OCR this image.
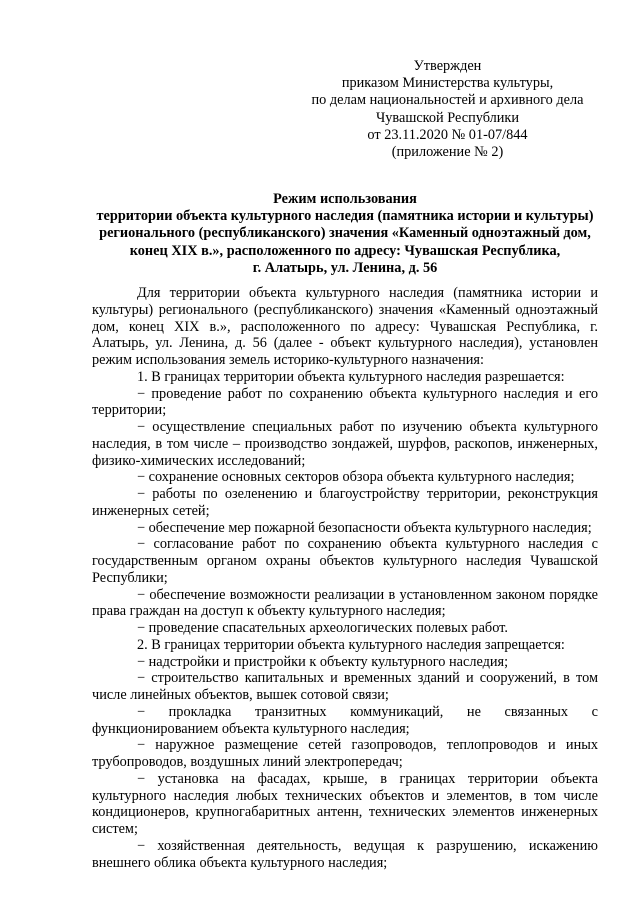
Утвержден
приказом Министерства культуры,
по делам национальностей и архивного дела
Чувашской Республики
от 23.11.2020 № 01-07/844
(приложение № 2)
Режим использования
территории объекта культурного наследия (памятника истории и культуры)
регионального (республиканского) значения «Каменный одноэтажный дом,
конец XIX в.», расположенного по адресу: Чувашская Республика,
г. Алатырь, ул. Ленина, д. 56

Для территории объекта культурного наследия (памятника истории и культуры) регионального (республиканского) значения «Каменный одноэтажный дом, конец XIX в.», расположенного по адресу: Чувашская Республика, г. Алатырь, ул. Ленина, д. 56 (далее - объект культурного наследия), установлен режим использования земель историко-культурного назначения:

1. В границах территории объекта культурного наследия разрешается:

− проведение работ по сохранению объекта культурного наследия и его территории;

− осуществление специальных работ по изучению объекта культурного наследия, в том числе – производство зондажей, шурфов, раскопов, инженерных, физико-химических исследований;

− сохранение основных секторов обзора объекта культурного наследия;

− работы по озеленению и благоустройству территории, реконструкция инженерных сетей;

− обеспечение мер пожарной безопасности объекта культурного наследия;

− согласование работ по сохранению объекта культурного наследия с государственным органом охраны объектов культурного наследия Чувашской Республики;

− обеспечение возможности реализации в установленном законом порядке права граждан на доступ к объекту культурного наследия;

− проведение спасательных археологических полевых работ.

2. В границах территории объекта культурного наследия запрещается:

− надстройки и пристройки к объекту культурного наследия;

− строительство капитальных и временных зданий и сооружений, в том числе линейных объектов, вышек сотовой связи;

− прокладка транзитных коммуникаций, не связанных с функционированием объекта культурного наследия;

− наружное размещение сетей газопроводов, теплопроводов и иных трубопроводов, воздушных линий электропередач;

− установка на фасадах, крыше, в границах территории объекта культурного наследия любых технических объектов и элементов, в том числе кондиционеров, крупногабаритных антенн, технических элементов инженерных систем;

− хозяйственная деятельность, ведущая к разрушению, искажению внешнего облика объекта культурного наследия;
